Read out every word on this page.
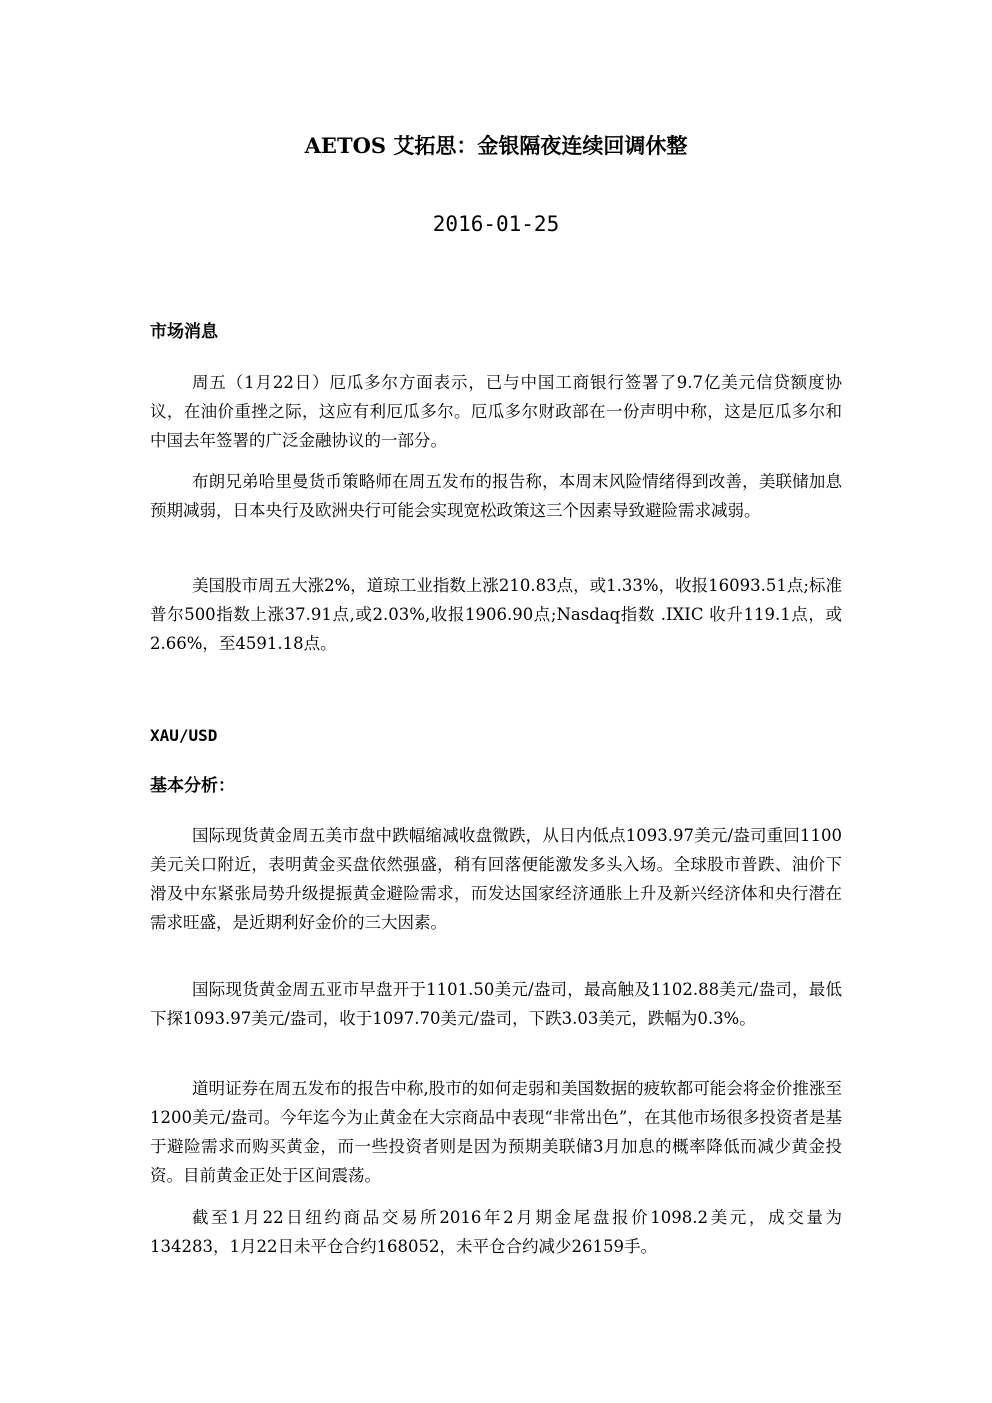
AETOS 艾拓思：金银隔夜连续回调休整
2016-01-25
市场消息

周五（1月22日）厄瓜多尔方面表示，已与中国工商银行签署了9.7亿美元信贷额度协议，在油价重挫之际，这应有利厄瓜多尔。厄瓜多尔财政部在一份声明中称，这是厄瓜多尔和中国去年签署的广泛金融协议的一部分。

布朗兄弟哈里曼货币策略师在周五发布的报告称，本周末风险情绪得到改善，美联储加息预期减弱，日本央行及欧洲央行可能会实现宽松政策这三个因素导致避险需求减弱。

美国股市周五大涨2%，道琼工业指数上涨210.83点，或1.33%，收报16093.51点;标准普尔500指数上涨37.91点,或2.03%,收报1906.90点;Nasdaq指数 .IXIC 收升119.1点，或2.66%，至4591.18点。

XAU/USD
基本分析：

国际现货黄金周五美市盘中跌幅缩减收盘微跌，从日内低点1093.97美元/盎司重回1100美元关口附近，表明黄金买盘依然强盛，稍有回落便能激发多头入场。全球股市普跌、油价下滑及中东紧张局势升级提振黄金避险需求，而发达国家经济通胀上升及新兴经济体和央行潜在需求旺盛，是近期利好金价的三大因素。

国际现货黄金周五亚市早盘开于1101.50美元/盎司，最高触及1102.88美元/盎司，最低下探1093.97美元/盎司，收于1097.70美元/盎司，下跌3.03美元，跌幅为0.3%。

道明证券在周五发布的报告中称,股市的如何走弱和美国数据的疲软都可能会将金价推涨至1200美元/盎司。今年迄今为止黄金在大宗商品中表现“非常出色”，在其他市场很多投资者是基于避险需求而购买黄金，而一些投资者则是因为预期美联储3月加息的概率降低而减少黄金投资。目前黄金正处于区间震荡。

截至1月22日纽约商品交易所2016年2月期金尾盘报价1098.2美元，成交量为134283，1月22日未平仓合约168052，未平仓合约减少26159手。
